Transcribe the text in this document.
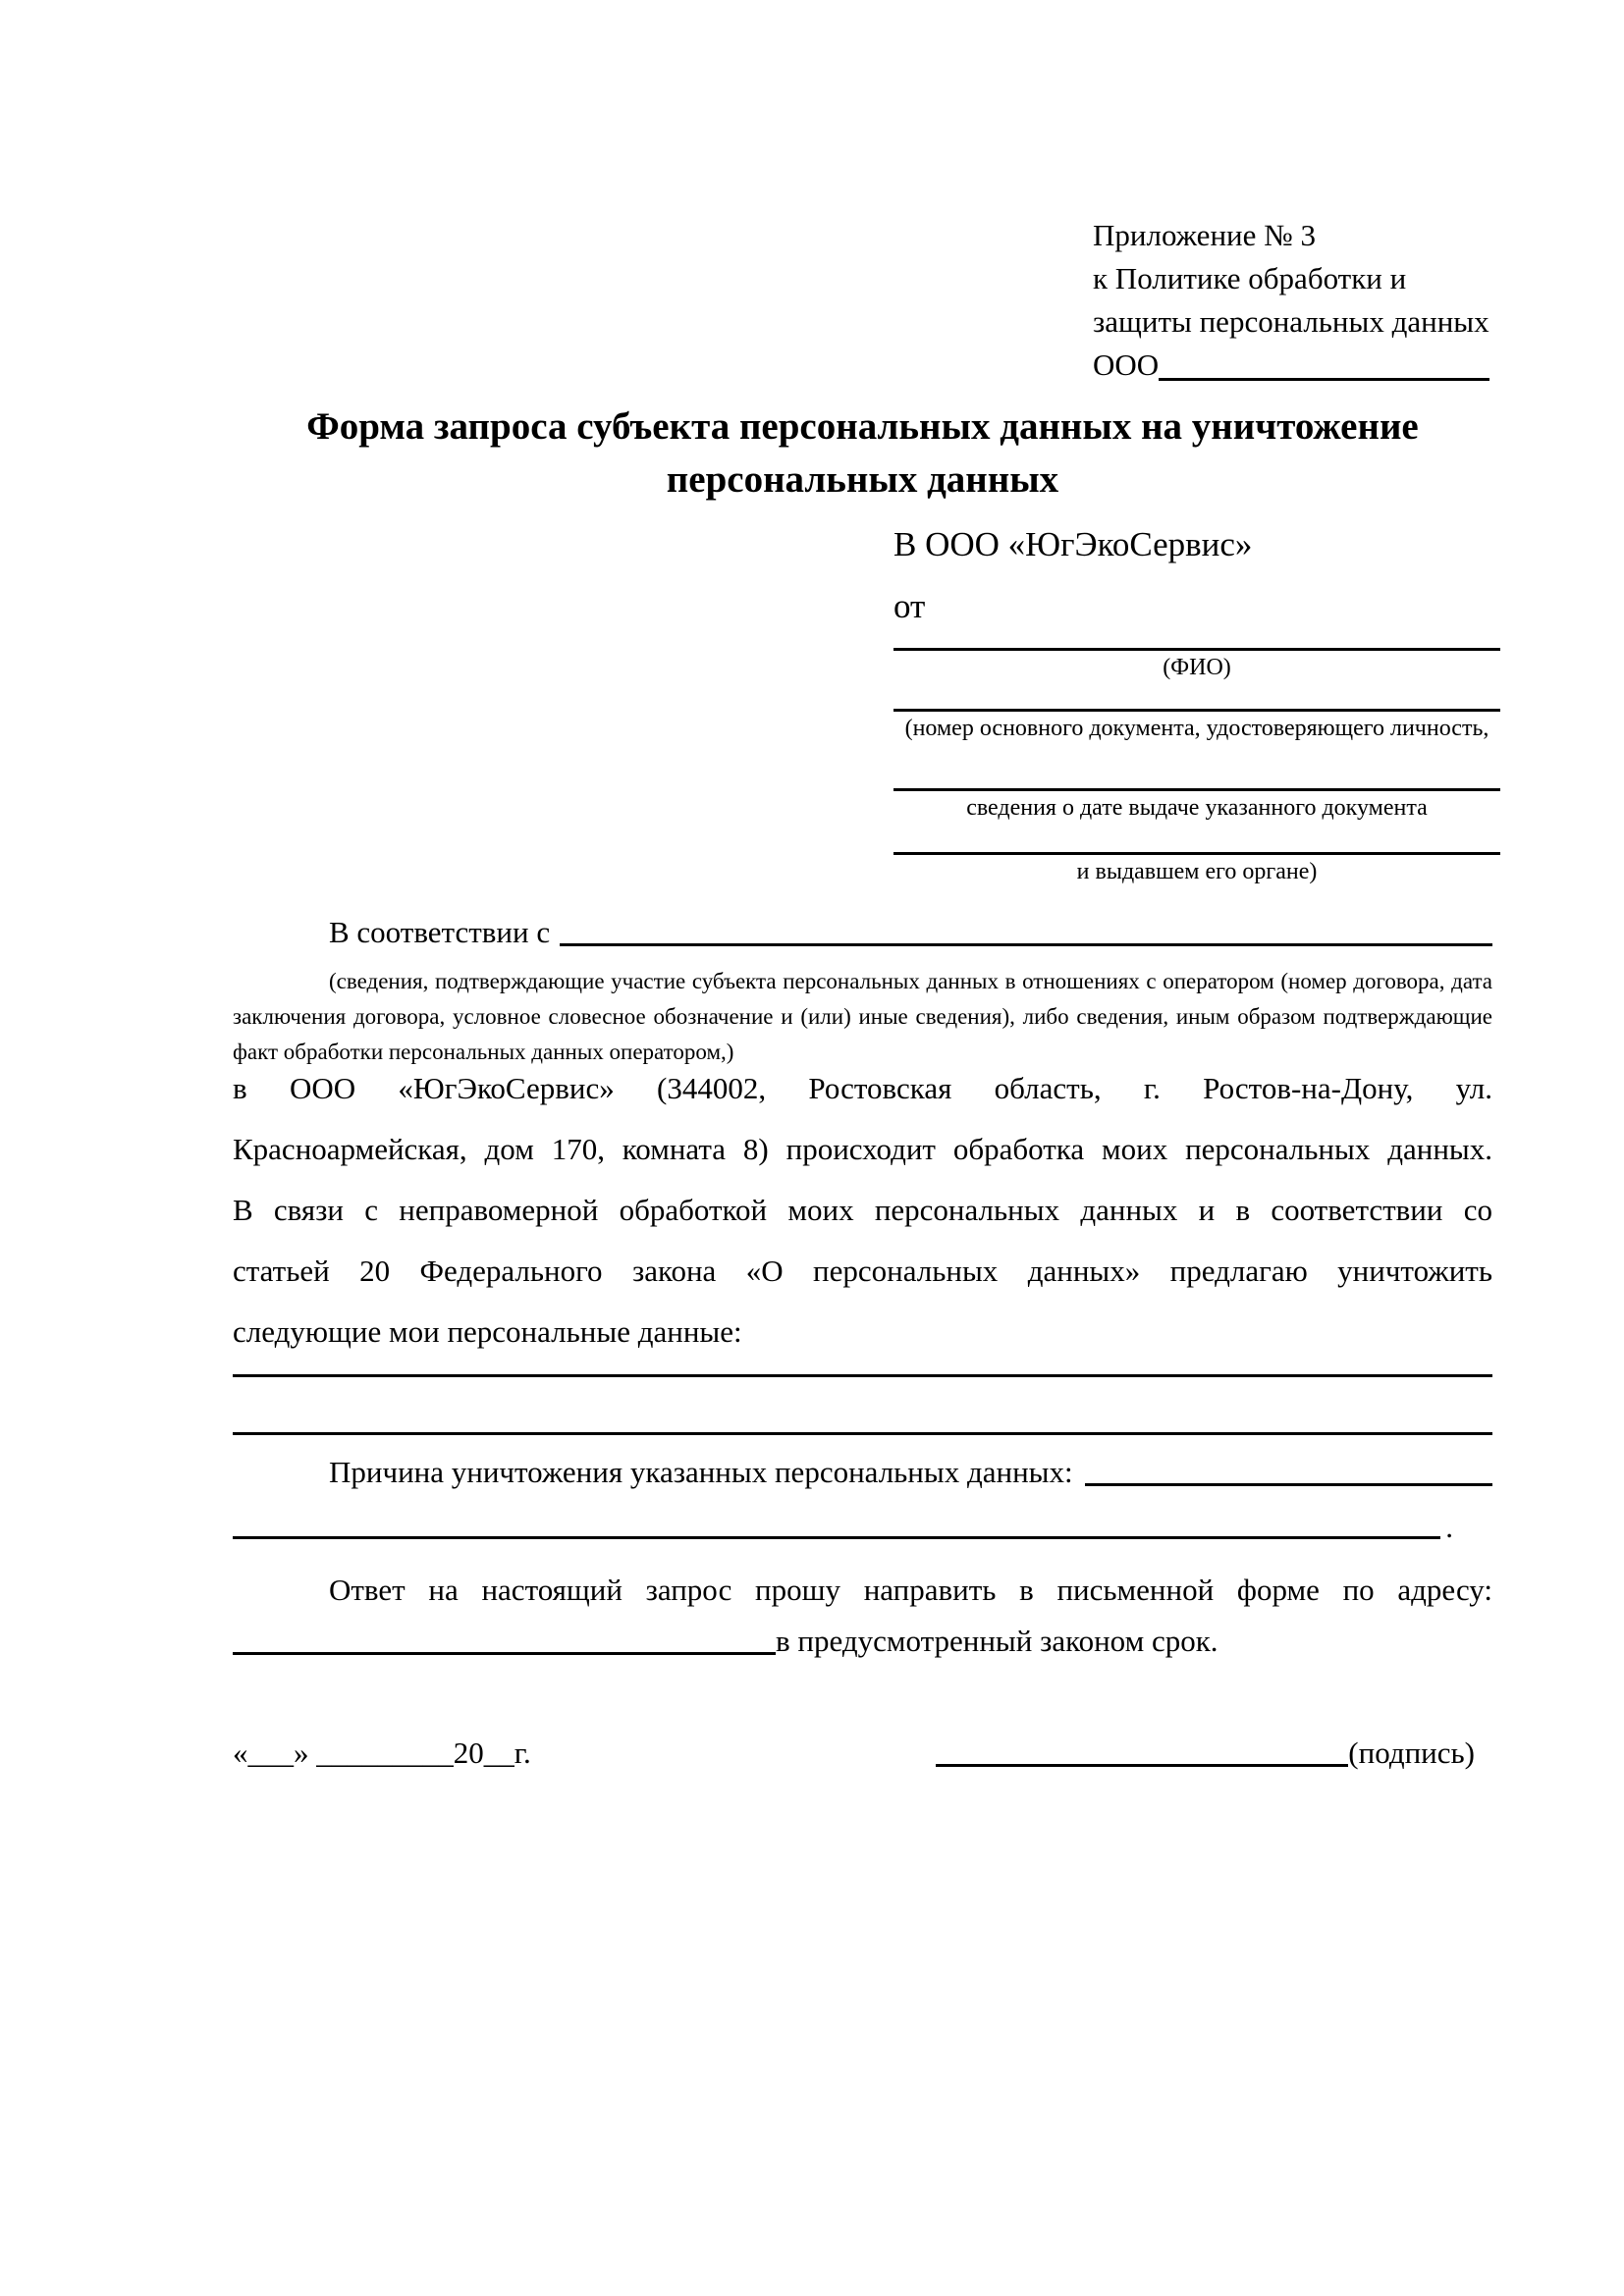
Приложение № 3
к Политике обработки и
защиты персональных данных
ООО
Форма запроса субъекта персональных данных на уничтожение персональных данных
В ООО «ЮгЭкоСервис»
от
(ФИО)
(номер основного документа, удостоверяющего личность,
сведения о дате выдаче указанного документа
и выдавшем его органе)
В соответствии с
(сведения, подтверждающие участие субъекта персональных данных в отношениях с оператором (номер договора, дата заключения договора, условное словесное обозначение и (или) иные сведения), либо сведения, иным образом подтверждающие факт обработки персональных данных оператором,)
в ООО «ЮгЭкоСервис» (344002, Ростовская область, г. Ростов-на-Дону, ул.
Красноармейская, дом 170, комната 8) происходит обработка моих персональных данных.
В связи с неправомерной обработкой моих персональных данных и в соответствии со
статьей 20 Федерального закона «О персональных данных» предлагаю уничтожить
следующие мои персональные данные:
Причина уничтожения указанных персональных данных:
.
Ответ на настоящий запрос прошу направить в письменной форме по адресу:
в предусмотренный законом срок.
«___» _________20__г.	(подпись)
